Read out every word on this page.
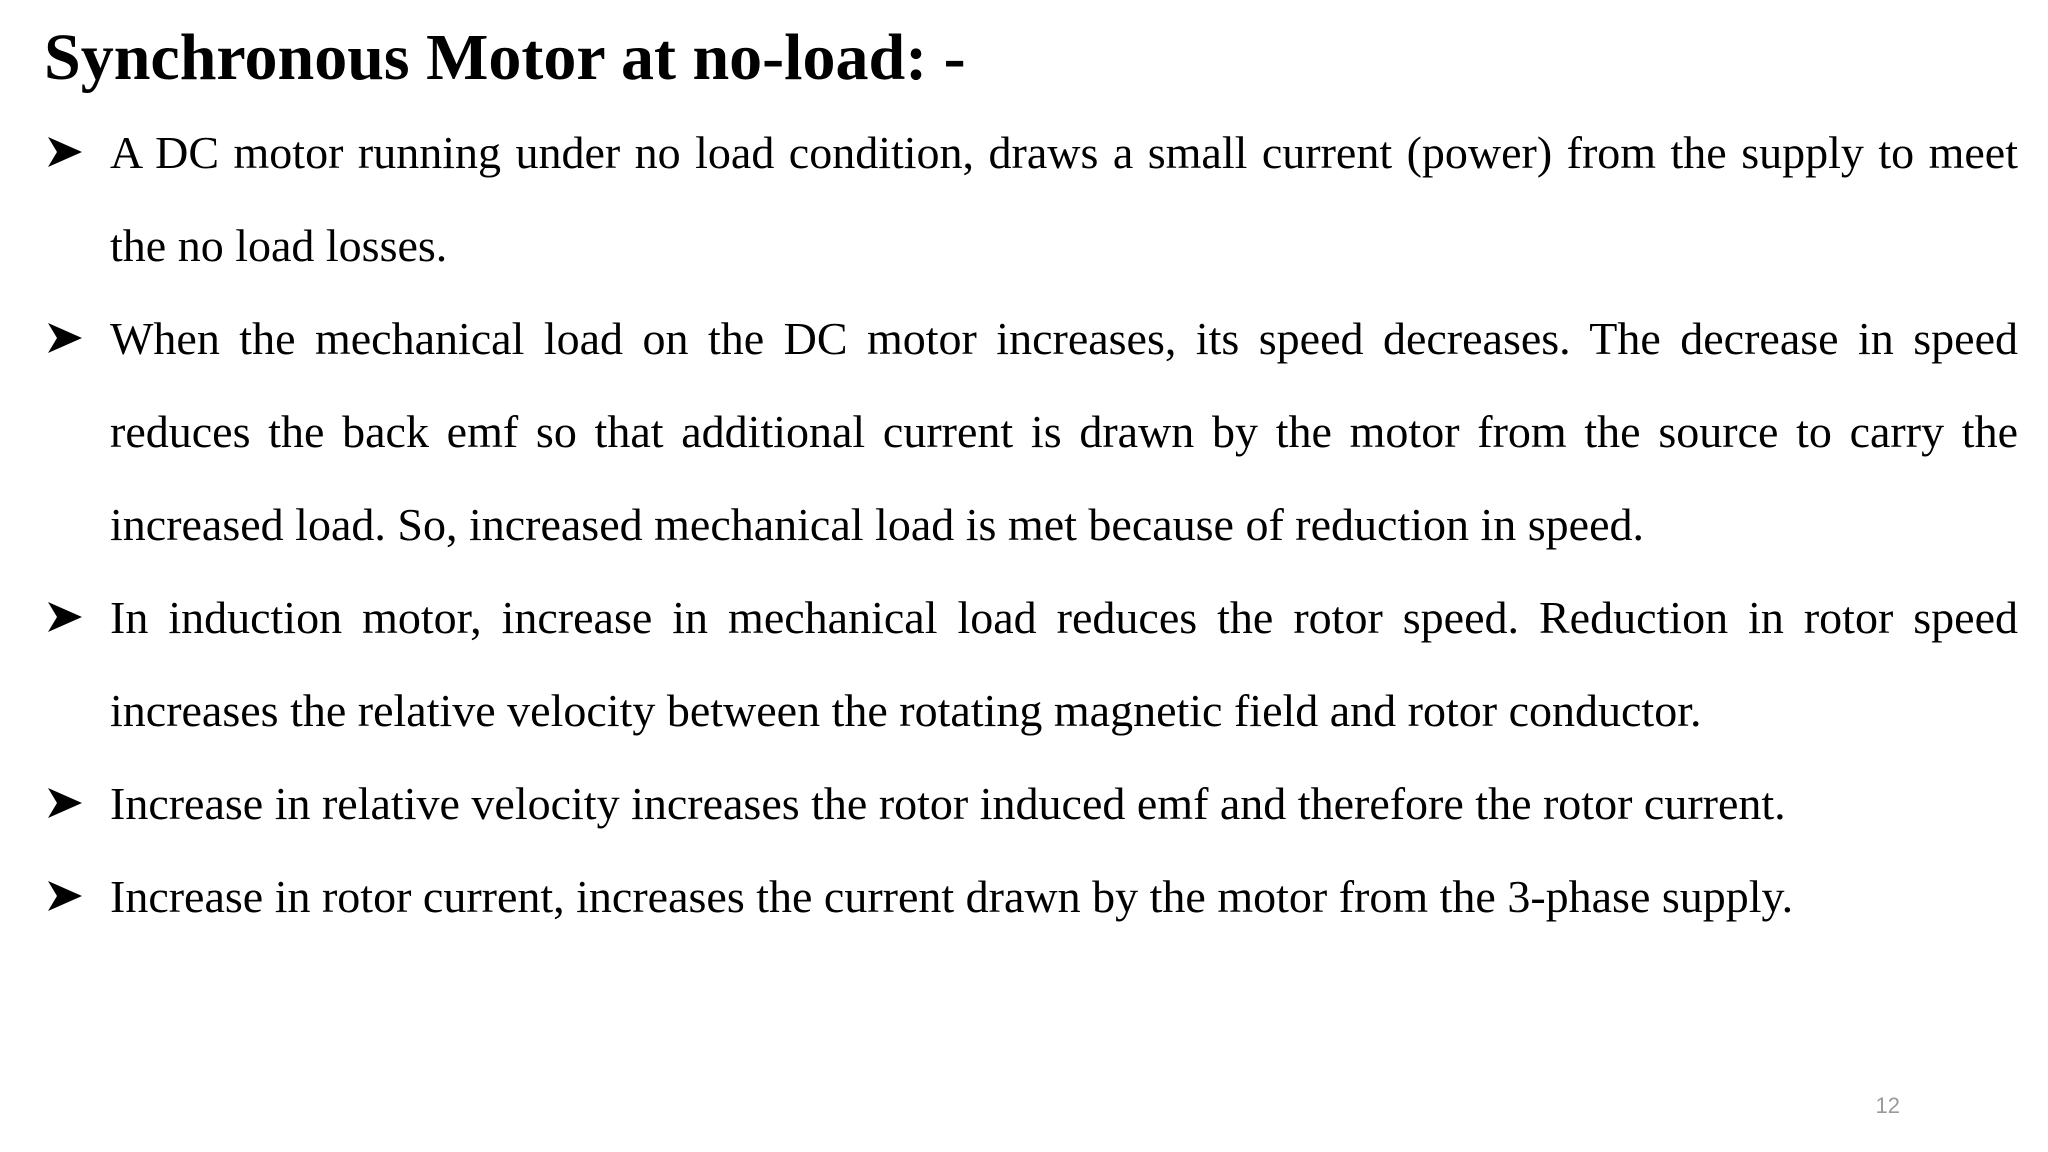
Synchronous Motor at no-load: -
A DC motor running under no load condition, draws a small current (power) from the supply to meet the no load losses.
When the mechanical load on the DC motor increases, its speed decreases. The decrease in speed reduces the back emf so that additional current is drawn by the motor from the source to carry the increased load. So, increased mechanical load is met because of reduction in speed.
In induction motor, increase in mechanical load reduces the rotor speed. Reduction in rotor speed increases the relative velocity between the rotating magnetic field and rotor conductor.
Increase in relative velocity increases the rotor induced emf and therefore the rotor current.
Increase in rotor current, increases the current drawn by the motor from the 3-phase supply.
12
